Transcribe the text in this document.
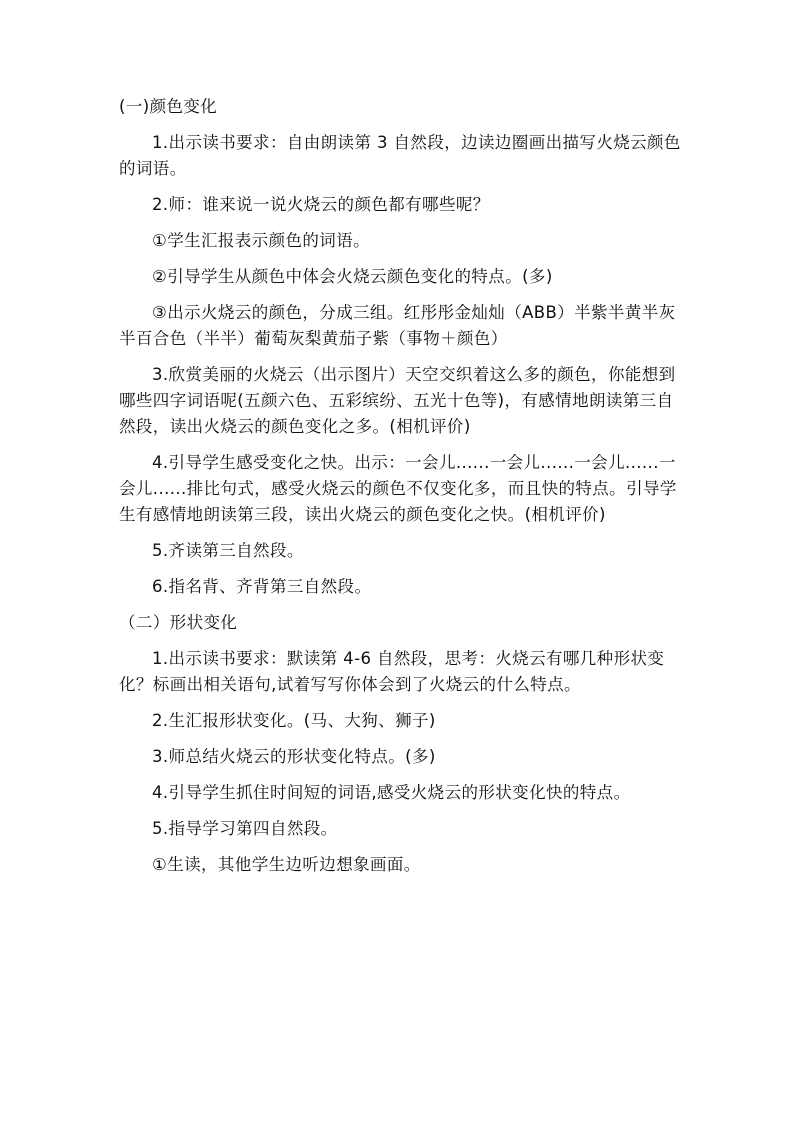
(一)颜色变化

1.出示读书要求：自由朗读第 3 自然段，边读边圈画出描写火烧云颜色的词语。

2.师：谁来说一说火烧云的颜色都有哪些呢？

①学生汇报表示颜色的词语。

②引导学生从颜色中体会火烧云颜色变化的特点。(多)

③出示火烧云的颜色，分成三组。红彤彤金灿灿（ABB）半紫半黄半灰半百合色（半半）葡萄灰梨黄茄子紫（事物＋颜色）

3.欣赏美丽的火烧云（出示图片）天空交织着这么多的颜色，你能想到哪些四字词语呢(五颜六色、五彩缤纷、五光十色等)，有感情地朗读第三自然段，读出火烧云的颜色变化之多。(相机评价)

4.引导学生感受变化之快。出示：一会儿......一会儿......一会儿......一会儿......排比句式，感受火烧云的颜色不仅变化多，而且快的特点。引导学生有感情地朗读第三段，读出火烧云的颜色变化之快。(相机评价)

5.齐读第三自然段。

6.指名背、齐背第三自然段。

（二）形状变化

1.出示读书要求：默读第 4-6 自然段，思考：火烧云有哪几种形状变化？标画出相关语句,试着写写你体会到了火烧云的什么特点。

2.生汇报形状变化。(马、大狗、狮子)

3.师总结火烧云的形状变化特点。(多)

4.引导学生抓住时间短的词语,感受火烧云的形状变化快的特点。

5.指导学习第四自然段。

①生读，其他学生边听边想象画面。
